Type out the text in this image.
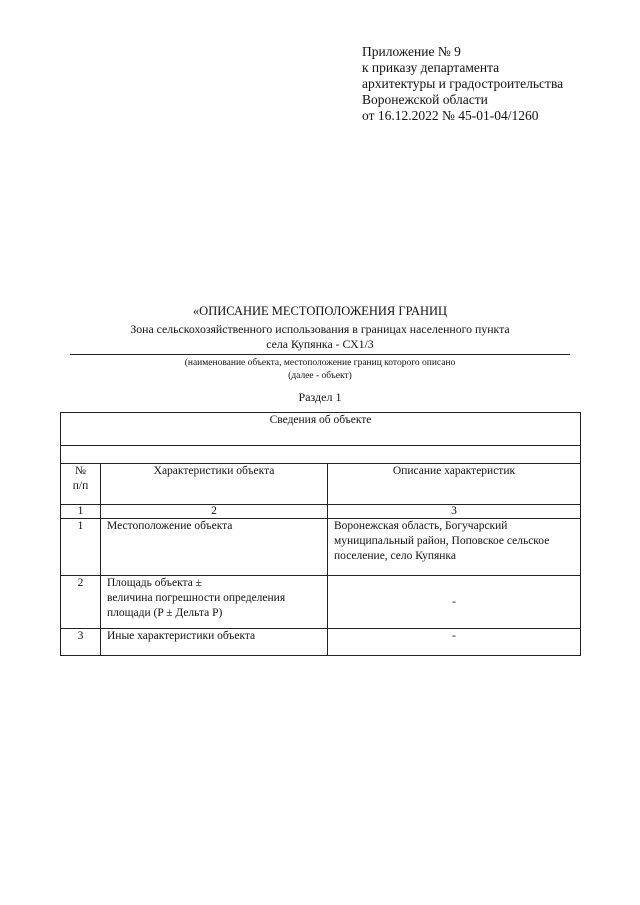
Приложение № 9
к приказу департамента
архитектуры и градостроительства
Воронежской области
от 16.12.2022 № 45-01-04/1260
«ОПИСАНИЕ МЕСТОПОЛОЖЕНИЯ ГРАНИЦ
Зона сельскохозяйственного использования в границах населенного пункта
села Купянка - СХ1/3
(наименование объекта, местоположение границ которого описано
(далее - объект)
Раздел 1
Сведения об объекте		

№
п/п	Характеристики объекта	Описание характеристик
1	2	3
1	Местоположение объекта	Воронежская область, Богучарский муниципальный район, Поповское сельское поселение, село Купянка
2	Площадь объекта ±
величина погрешности определения площади (P ± Дельта P)	-
3	Иные характеристики объекта	-
